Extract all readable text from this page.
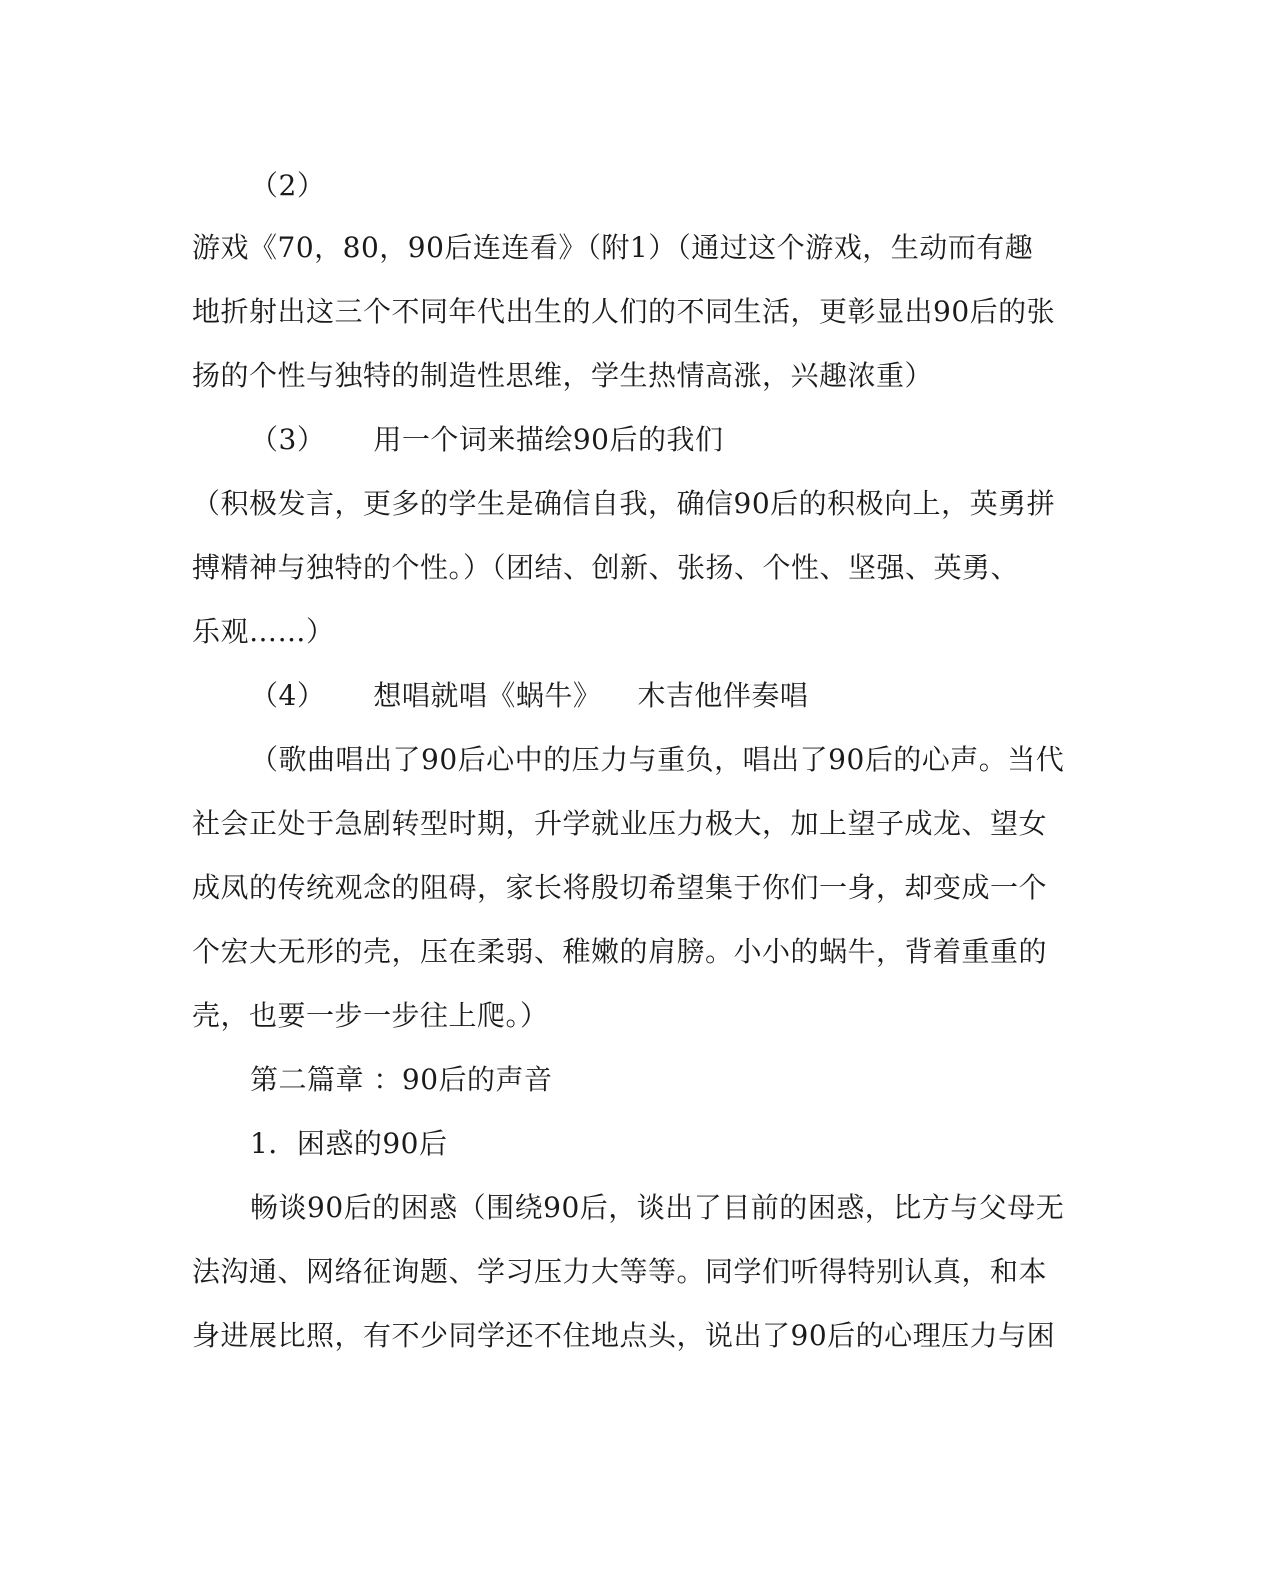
（2）
游戏《70，80，90后连连看》（附1）（通过这个游戏，生动而有趣
地折射出这三个不同年代出生的人们的不同生活，更彰显出90后的张
扬的个性与独特的制造性思维，学生热情高涨，兴趣浓重）
（3） 用一个词来描绘90后的我们
（积极发言，更多的学生是确信自我，确信90后的积极向上，英勇拼
搏精神与独特的个性。）（团结、创新、张扬、个性、坚强、英勇、
乐观……）
（4） 想唱就唱《蜗牛》 木吉他伴奏唱
（歌曲唱出了90后心中的压力与重负，唱出了90后的心声。当代
社会正处于急剧转型时期，升学就业压力极大，加上望子成龙、望女
成凤的传统观念的阻碍，家长将殷切希望集于你们一身，却变成一个
个宏大无形的壳，压在柔弱、稚嫩的肩膀。小小的蜗牛，背着重重的
壳，也要一步一步往上爬。）
第二篇章 ：90后的声音
1．困惑的90后
畅谈90后的困惑（围绕90后，谈出了目前的困惑，比方与父母无
法沟通、网络征询题、学习压力大等等。同学们听得特别认真，和本
身进展比照，有不少同学还不住地点头，说出了90后的心理压力与困
